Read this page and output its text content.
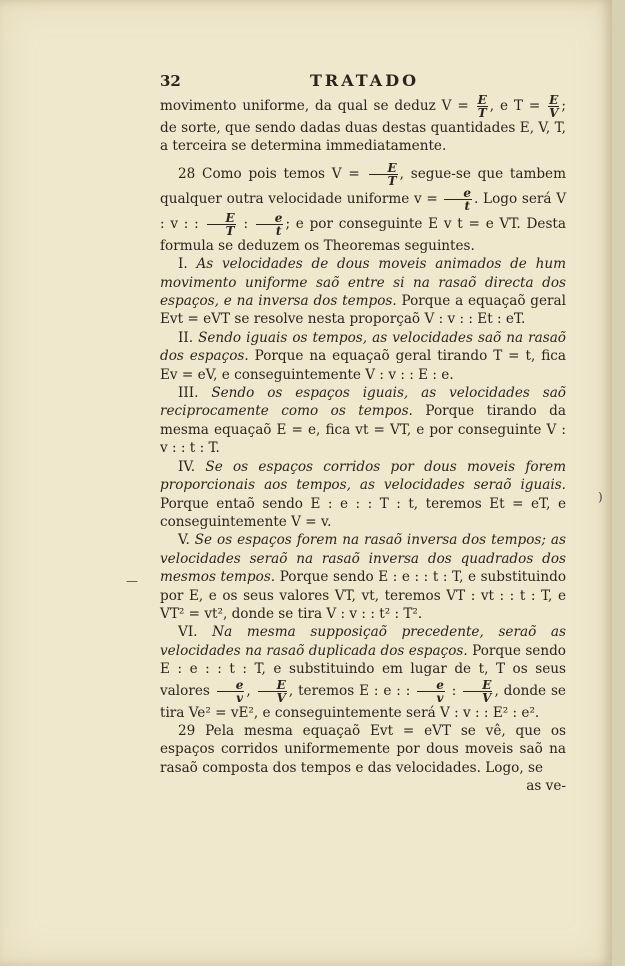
32	TRATADO

movimento uniforme, da qual se deduz $V = \frac{E}{T}$ , e $T = \frac{E}{V}$ ; de sorte, que sendo dadas duas destas quantidades E, V, T, a terceira se determina immediatamente.

28 Como pois temos $V = \frac{E}{T}$ , segue-se que tambem qualquer outra velocidade uniforme $v = \frac{e}{t}$ . Logo será V : v : : $\frac{E}{T}$ : $\frac{e}{t}$ ; e por conseguinte E v t = e VT. Desta formula se deduzem os Theoremas seguintes.

I. As velocidades de dous moveis animados de hum movimento uniforme saõ entre si na rasaõ directa dos espaços, e na inversa dos tempos. Porque a equaçaõ geral Evt = eVT se resolve nesta proporçaõ V : v : : Et : eT.

II. Sendo iguais os tempos, as velocidades saõ na rasaõ dos espaços. Porque na equaçaõ geral tirando T = t, fica Ev = eV, e conseguintemente V : v : : E : e.

III. Sendo os espaços iguais, as velocidades saõ reciprocamente como os tempos. Porque tirando da mesma equaçaõ E = e, fica vt = VT, e por conseguinte V : v : : t : T.

IV. Se os espaços corridos por dous moveis forem proporcionais aos tempos, as velocidades seraõ iguais. Porque entaõ sendo E : e : : T : t, teremos Et = eT, e conseguintemente V = v.

V. Se os espaços forem na rasaõ inversa dos tempos; as velocidades seraõ na rasaõ inversa dos quadrados dos mesmos tempos. Porque sendo E : e : : t : T, e substituindo por E, e os seus valores VT, vt, teremos VT : vt : : t : T, e VT² = vt², donde se tira V : v : : t² : T².

VI. Na mesma supposiçaõ precedente, seraõ as velocidades na rasaõ duplicada dos espaços. Porque sendo E : e : : t : T, e substituindo em lugar de t, T os seus valores $\frac{e}{v}$ , $\frac{E}{V}$ , teremos E : e : : $\frac{e}{v}$ : $\frac{E}{V}$ , donde se tira Ve² = vE², e conseguintemente será V : v : : E² : e².

29 Pela mesma equaçaõ Evt = eVT se vê, que os espaços corridos uniformemente por dous moveis saõ na rasaõ composta dos tempos e das velocidades. Logo, se

as ve-

)
—
